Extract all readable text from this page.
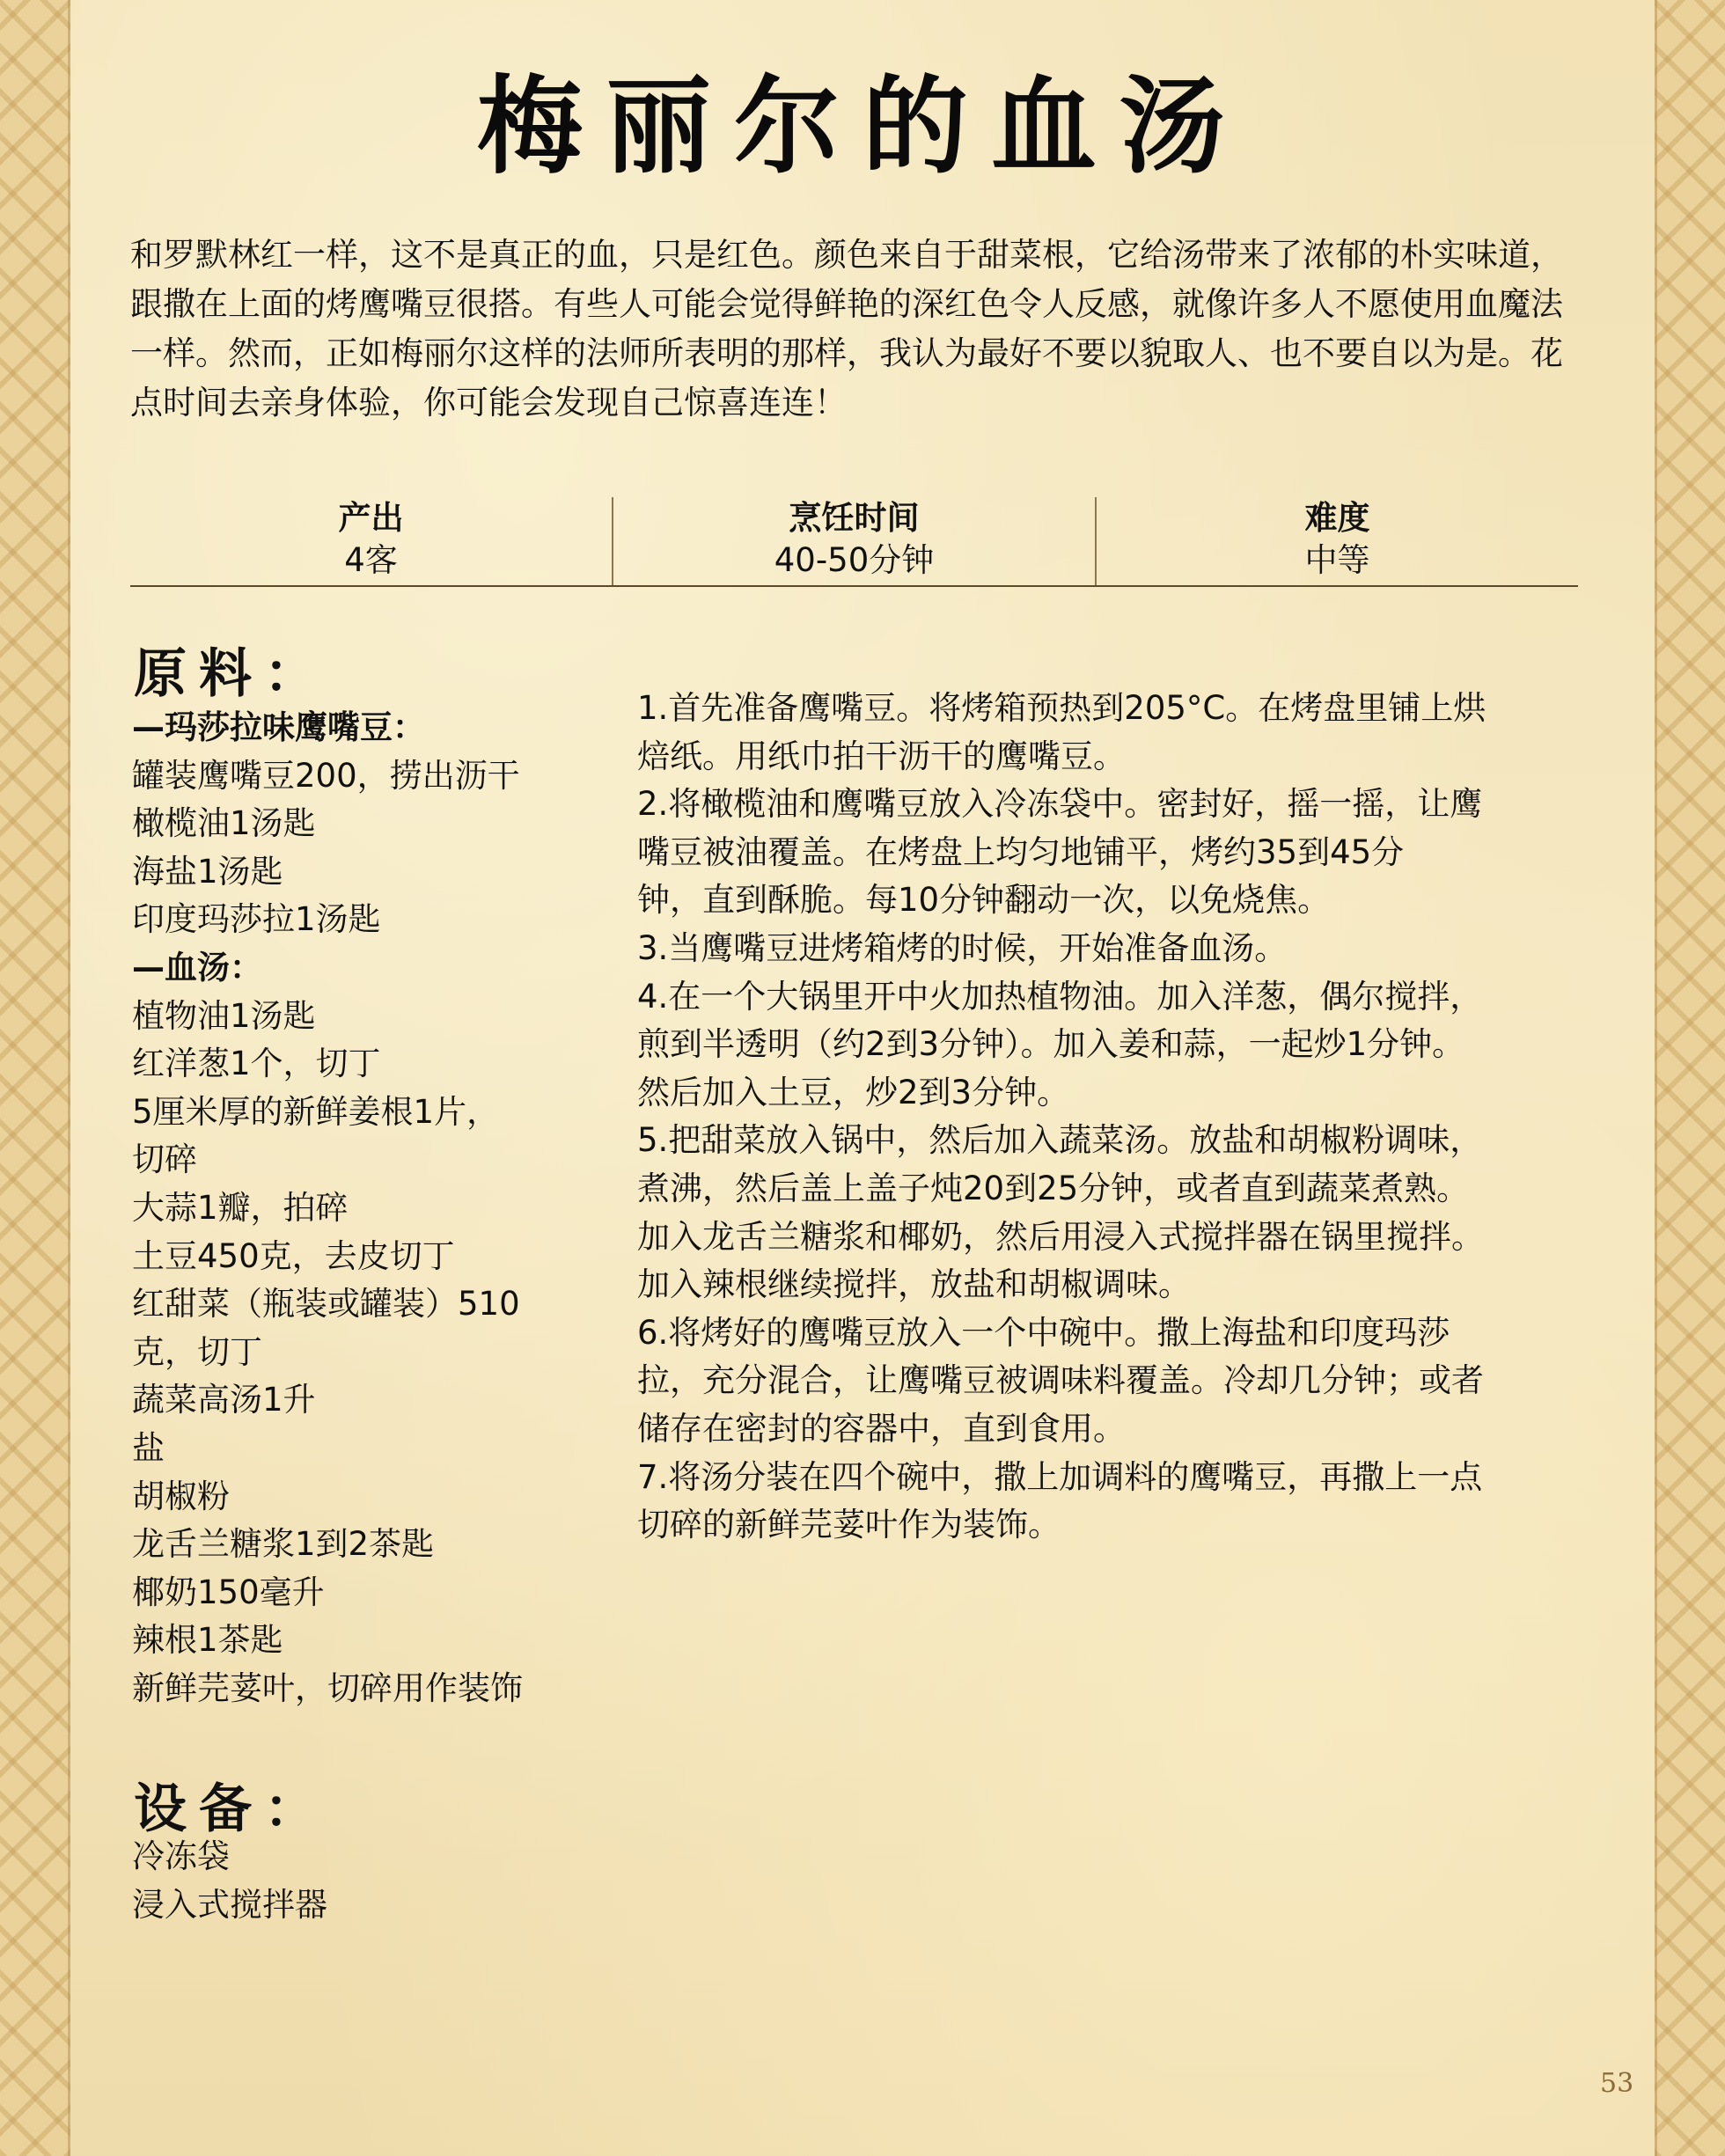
梅丽尔的血汤

和罗默林红一样，这不是真正的血，只是红色。颜色来自于甜菜根，它给汤带来了浓郁的朴实味道，跟撒在上面的烤鹰嘴豆很搭。有些人可能会觉得鲜艳的深红色令人反感，就像许多人不愿使用血魔法一样。然而，正如梅丽尔这样的法师所表明的那样，我认为最好不要以貌取人、也不要自以为是。花点时间去亲身体验，你可能会发现自己惊喜连连！

产出
4客
烹饪时间
40-50分钟
难度
中等
原料：
—玛莎拉味鹰嘴豆：
罐装鹰嘴豆200，捞出沥干
橄榄油1汤匙
海盐1汤匙
印度玛莎拉1汤匙
—血汤：
植物油1汤匙
红洋葱1个，切丁
5厘米厚的新鲜姜根1片，
切碎
大蒜1瓣，拍碎
土豆450克，去皮切丁
红甜菜（瓶装或罐装）510
克，切丁
蔬菜高汤1升
盐
胡椒粉
龙舌兰糖浆1到2茶匙
椰奶150毫升
辣根1茶匙
新鲜芫荽叶，切碎用作装饰
设备：
冷冻袋
浸入式搅拌器
1.首先准备鹰嘴豆。将烤箱预热到205°C。在烤盘里铺上烘
焙纸。用纸巾拍干沥干的鹰嘴豆。
2.将橄榄油和鹰嘴豆放入冷冻袋中。密封好，摇一摇，让鹰
嘴豆被油覆盖。在烤盘上均匀地铺平，烤约35到45分
钟，直到酥脆。每10分钟翻动一次，以免烧焦。
3.当鹰嘴豆进烤箱烤的时候，开始准备血汤。
4.在一个大锅里开中火加热植物油。加入洋葱，偶尔搅拌，
煎到半透明（约2到3分钟）。加入姜和蒜，一起炒1分钟。
然后加入土豆，炒2到3分钟。
5.把甜菜放入锅中，然后加入蔬菜汤。放盐和胡椒粉调味，
煮沸，然后盖上盖子炖20到25分钟，或者直到蔬菜煮熟。
加入龙舌兰糖浆和椰奶，然后用浸入式搅拌器在锅里搅拌。
加入辣根继续搅拌，放盐和胡椒调味。
6.将烤好的鹰嘴豆放入一个中碗中。撒上海盐和印度玛莎
拉，充分混合，让鹰嘴豆被调味料覆盖。冷却几分钟；或者
储存在密封的容器中，直到食用。
7.将汤分装在四个碗中，撒上加调料的鹰嘴豆，再撒上一点
切碎的新鲜芫荽叶作为装饰。
53
